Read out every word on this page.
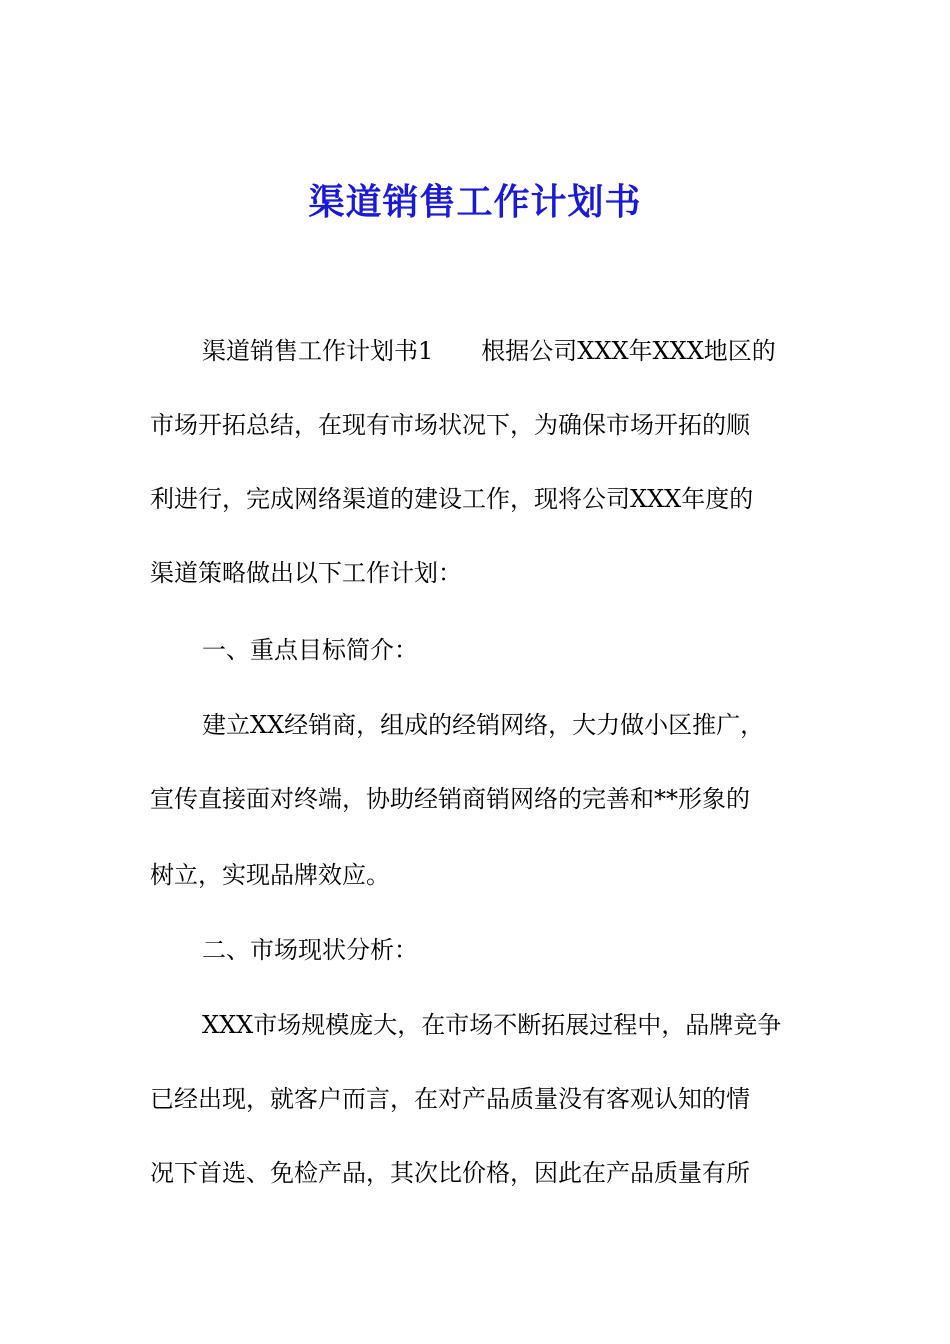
渠道销售工作计划书
渠道销售工作计划书1　　根据公司XXX年XXX地区的
市场开拓总结，在现有市场状况下，为确保市场开拓的顺
利进行，完成网络渠道的建设工作，现将公司XXX年度的
渠道策略做出以下工作计划：
一、重点目标简介：
建立XX经销商，组成的经销网络，大力做小区推广，
宣传直接面对终端，协助经销商销网络的完善和**形象的
树立，实现品牌效应。
二、市场现状分析：
XXX市场规模庞大，在市场不断拓展过程中，品牌竞争
已经出现，就客户而言，在对产品质量没有客观认知的情
况下首选、免检产品，其次比价格，因此在产品质量有所
